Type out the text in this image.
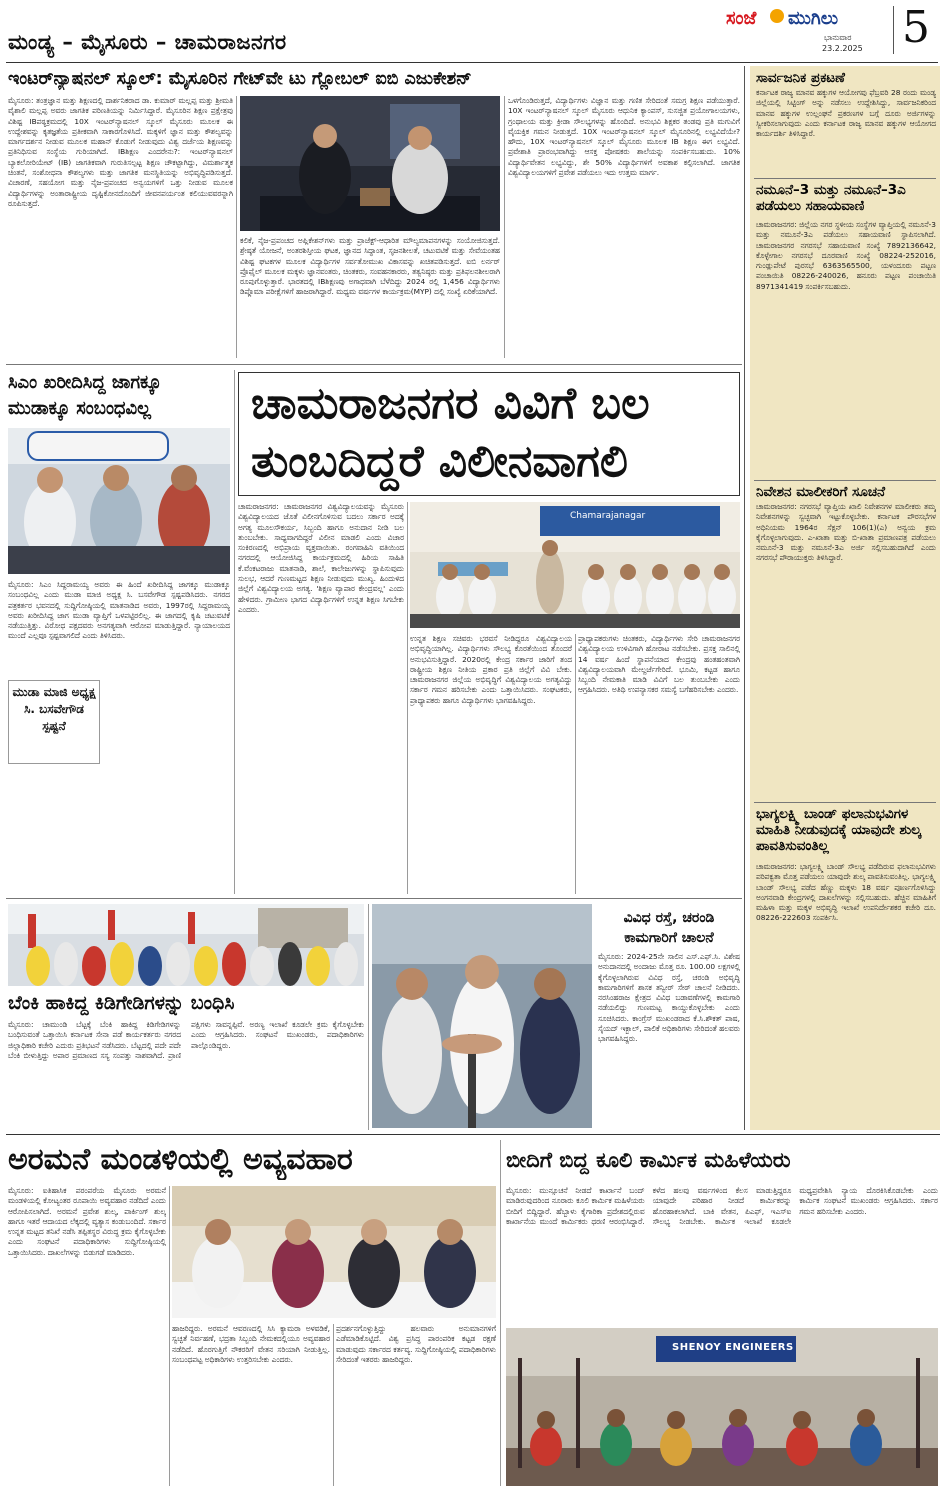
ಮಂಡ್ಯ – ಮೈಸೂರು – ಚಾಮರಾಜನಗರ
ಸಂಜೆ ಮುಗಿಲು
ಭಾನುವಾರ
23.2.2025 5
ಇಂಟರ್‌ನ್ಯಾಷನಲ್ ಸ್ಕೂಲ್: ಮೈಸೂರಿನ ಗೇಟ್‌ವೇ ಟು ಗ್ಲೋಬಲ್ ಐಬಿ ಎಜುಕೇಶನ್
ಮೈಸೂರು: ತಂತ್ರಜ್ಞಾನ ಮತ್ತು ಶಿಕ್ಷಣದಲ್ಲಿ ದಾರ್ಶನಿಕರಾದ ಡಾ. ಕುಮಾರ್ ಮಲ್ಲಪ್ಪ ಮತ್ತು ಶ್ರೀಮತಿ ವೈಶಾಲಿ ಮಲ್ಲಪ್ಪ ಅವರು ಜಾಗತಿಕ ಪರಿಣತಿಯನ್ನು ನಿರ್ಮಿಸಿದ್ದಾರೆ. ಮೈಸೂರಿನ ಶಿಕ್ಷಣ ಪ್ರಕ್ಷೇತ್ರವು ವಿಶಿಷ್ಟ IBಪಠ್ಯಕ್ರಮದಲ್ಲಿ 10X ಇಂಟರ್‌ನ್ಯಾಷನಲ್ ಸ್ಕೂಲ್ ಮೈಸೂರು ಮೂಲಕ ಈ ಉದ್ದೇಶವನ್ನು ಕೃತಜ್ಞತೆಯ ಪ್ರತೀಕವಾಗಿ ಸಾಕಾರಗೊಳಿಸಿದೆ. ಮಕ್ಕಳಿಗೆ ಜ್ಞಾನ ಮತ್ತು ಕೌಶಲ್ಯವನ್ನು ಮಾರ್ಗದರ್ಶನ ನೀಡುವ ಮೂಲಕ ಮಹಾನ್ ಕೊಡುಗೆ ನೀಡುವುದು ವಿಶ್ವ ದರ್ಜೆಯ ಶಿಕ್ಷಣವನ್ನು ಪ್ರತಿನಿಧಿಸುವ ಸಂಸ್ಥೆಯ ಗುರಿಯಾಗಿದೆ. IBಶಿಕ್ಷಣ ಎಂದರೇನು?: ಇಂಟರ್‌ನ್ಯಾಷನಲ್ ಬ್ಯಾಕಲೋರಿಯೇಟ್ (IB) ಜಾಗತಿಕವಾಗಿ ಗುರುತಿಸಲ್ಪಟ್ಟ ಶಿಕ್ಷಣ ಚೌಕಟ್ಟಾಗಿದ್ದು, ವಿಮರ್ಶಾತ್ಮಕ ಚಿಂತನೆ, ಸಂಶೋಧನಾ ಕೌಶಲ್ಯಗಳು ಮತ್ತು ಜಾಗತಿಕ ಮನಸ್ಥಿತಿಯನ್ನು ಅಭಿವೃದ್ಧಿಪಡಿಸುತ್ತದೆ. ವಿಚಾರಣೆ, ಸಹಯೋಗ ಮತ್ತು ನೈಜ-ಪ್ರಪಂಚದ ಅನ್ವಯಗಳಿಗೆ ಒತ್ತು ನೀಡುವ ಮೂಲಕ ವಿದ್ಯಾರ್ಥಿಗಳನ್ನು ಅಂತಾರಾಷ್ಟ್ರೀಯ ದೃಷ್ಟಿಕೋನದೊಂದಿಗೆ ಜೀವನಪರ್ಯಂತ ಕಲಿಯುವವರನ್ನಾಗಿ ರೂಪಿಸುತ್ತದೆ.
ಕಲಿಕೆ, ನೈಜ-ಪ್ರಪಂಚದ ಅಪ್ಲಿಕೇಶನ್‌ಗಳು ಮತ್ತು ಪ್ರಾಜೆಕ್ಟ್-ಆಧಾರಿತ ಮೌಲ್ಯಮಾಪನಗಳನ್ನು ಸಂಯೋಜಿಸುತ್ತದೆ. ಶ್ರೇಷ್ಠತೆ ಯೋಜನೆ, ಅಂತರಶಿಸ್ತೀಯ ಘಟಕ, ಜ್ಞಾನದ ಸಿದ್ಧಾಂತ, ಸೃಜನಶೀಲತೆ, ಚಟುವಟಿಕೆ ಮತ್ತು ಸೇವೆಯಂತಹ ವಿಶಿಷ್ಟ ಘಟಕಗಳ ಮೂಲಕ ವಿದ್ಯಾರ್ಥಿಗಳ ಸರ್ವತೋಮುಖ ವಿಕಾಸವನ್ನು ಖಚಿತಪಡಿಸುತ್ತದೆ. ಐಬಿ ಲರ್ನರ್ ಪ್ರೊಫೈಲ್ ಮೂಲಕ ಮಕ್ಕಳು ಜ್ಞಾನವಂತರು, ಚಿಂತಕರು, ಸಂವಹನಕಾರರು, ತತ್ವನಿಷ್ಠರು ಮತ್ತು ಪ್ರತಿಫಲನಶೀಲರಾಗಿ ರೂಪುಗೊಳ್ಳುತ್ತಾರೆ. ಭಾರತದಲ್ಲಿ IBಶಿಕ್ಷಣವು ಅಗಾಧವಾಗಿ ಬೆಳೆದಿದ್ದು 2024 ರಲ್ಲಿ 1,456 ವಿದ್ಯಾರ್ಥಿಗಳು ಡಿಪ್ಲೊಮಾ ಪರೀಕ್ಷೆಗಳಿಗೆ ಹಾಜರಾಗಿದ್ದಾರೆ. ಮಧ್ಯಮ ವರ್ಷಗಳ ಕಾರ್ಯಕ್ರಮ(MYP) ದಲ್ಲಿ ಸಂಖ್ಯೆ ಏರಿಕೆಯಾಗಿದೆ.
ಒಳಗೊಂಡಿರುತ್ತದೆ, ವಿದ್ಯಾರ್ಥಿಗಳು ವಿಜ್ಞಾನ ಮತ್ತು ಗಣಿತ ಸೇರಿದಂತೆ ಸಮಗ್ರ ಶಿಕ್ಷಣ ಪಡೆಯುತ್ತಾರೆ. 10X ಇಂಟರ್‌ನ್ಯಾಷನಲ್ ಸ್ಕೂಲ್ ಮೈಸೂರು ಆಧುನಿಕ ಕ್ಯಾಂಪಸ್, ಸುಸಜ್ಜಿತ ಪ್ರಯೋಗಾಲಯಗಳು, ಗ್ರಂಥಾಲಯ ಮತ್ತು ಕ್ರೀಡಾ ಸೌಲಭ್ಯಗಳನ್ನು ಹೊಂದಿದೆ. ಅನುಭವಿ ಶಿಕ್ಷಕರ ತಂಡವು ಪ್ರತಿ ಮಗುವಿಗೆ ವೈಯಕ್ತಿಕ ಗಮನ ನೀಡುತ್ತದೆ. 10X ಇಂಟರ್‌ನ್ಯಾಷನಲ್ ಸ್ಕೂಲ್ ಮೈಸೂರಿನಲ್ಲಿ ಲಭ್ಯವಿದೆಯೇ? ಹೌದು, 10X ಇಂಟರ್‌ನ್ಯಾಷನಲ್ ಸ್ಕೂಲ್ ಮೈಸೂರು ಮೂಲಕ IB ಶಿಕ್ಷಣ ಈಗ ಲಭ್ಯವಿದೆ. ಪ್ರವೇಶಾತಿ ಪ್ರಾರಂಭವಾಗಿದ್ದು ಆಸಕ್ತ ಪೋಷಕರು ಶಾಲೆಯನ್ನು ಸಂಪರ್ಕಿಸಬಹುದು. 10% ವಿದ್ಯಾರ್ಥಿವೇತನ ಲಭ್ಯವಿದ್ದು, ಶೇ 50% ವಿದ್ಯಾರ್ಥಿಗಳಿಗೆ ಅವಕಾಶ ಕಲ್ಪಿಸಲಾಗಿದೆ. ಜಾಗತಿಕ ವಿಶ್ವವಿದ್ಯಾಲಯಗಳಿಗೆ ಪ್ರವೇಶ ಪಡೆಯಲು ಇದು ಉತ್ತಮ ಮಾರ್ಗ.
ಸಾರ್ವಜನಿಕ ಪ್ರಕಟಣೆ
ಕರ್ನಾಟಕ ರಾಜ್ಯ ಮಾನವ ಹಕ್ಕುಗಳ ಆಯೋಗವು ಫೆಬ್ರವರಿ 28 ರಂದು ಮಂಡ್ಯ ಜಿಲ್ಲೆಯಲ್ಲಿ ಸಿಟ್ಟಿಂಗ್ ಅನ್ನು ನಡೆಸಲು ಉದ್ದೇಶಿಸಿದ್ದು, ಸಾರ್ವಜನಿಕರಿಂದ ಮಾನವ ಹಕ್ಕುಗಳ ಉಲ್ಲಂಘನೆ ಪ್ರಕರಣಗಳ ಬಗ್ಗೆ ದೂರು ಅರ್ಜಿಗಳನ್ನು ಸ್ವೀಕರಿಸಲಾಗುವುದು ಎಂದು ಕರ್ನಾಟಕ ರಾಜ್ಯ ಮಾನವ ಹಕ್ಕುಗಳ ಆಯೋಗದ ಕಾರ್ಯದರ್ಶಿ ತಿಳಿಸಿದ್ದಾರೆ.
ನಮೂನೆ–3 ಮತ್ತು ನಮೂನೆ–3ಎ ಪಡೆಯಲು ಸಹಾಯವಾಣಿ
ಚಾಮರಾಜನಗರ: ಜಿಲ್ಲೆಯ ನಗರ ಸ್ಥಳೀಯ ಸಂಸ್ಥೆಗಳ ವ್ಯಾಪ್ತಿಯಲ್ಲಿ ನಮೂನೆ-3 ಮತ್ತು ನಮೂನೆ-3ಎ ಪಡೆಯಲು ಸಹಾಯವಾಣಿ ಸ್ಥಾಪಿಸಲಾಗಿದೆ. ಚಾಮರಾಜನಗರ ನಗರಸಭೆ ಸಹಾಯವಾಣಿ ಸಂಖ್ಯೆ 7892136642, ಕೊಳ್ಳೇಗಾಲ ನಗರಸಭೆ ದೂರವಾಣಿ ಸಂಖ್ಯೆ 08224-252016, ಗುಂಡ್ಲುಪೇಟೆ ಪುರಸಭೆ 6363565500, ಯಳಂದೂರು ಪಟ್ಟಣ ಪಂಚಾಯಿತಿ 08226-240026, ಹನೂರು ಪಟ್ಟಣ ಪಂಚಾಯಿತಿ 8971341419 ಸಂಪರ್ಕಿಸಬಹುದು.
ನಿವೇಶನ ಮಾಲೀಕರಿಗೆ ಸೂಚನೆ
ಚಾಮರಾಜನಗರ: ನಗರಸಭೆ ವ್ಯಾಪ್ತಿಯ ಖಾಲಿ ನಿವೇಶನಗಳ ಮಾಲೀಕರು ತಮ್ಮ ನಿವೇಶನಗಳನ್ನು ಸ್ವಚ್ಛವಾಗಿ ಇಟ್ಟುಕೊಳ್ಳಬೇಕು. ಕರ್ನಾಟಕ ಪೌರಸಭೆಗಳ ಅಧಿನಿಯಮ 1964ರ ಸೆಕ್ಷನ್ 106(1)(ಎ) ಅನ್ವಯ ಕ್ರಮ ಕೈಗೊಳ್ಳಲಾಗುವುದು. ಎ-ಖಾತಾ ಮತ್ತು ಬಿ-ಖಾತಾ ಪ್ರಮಾಣಪತ್ರ ಪಡೆಯಲು ನಮೂನೆ-3 ಮತ್ತು ನಮೂನೆ-3ಎ ಅರ್ಜಿ ಸಲ್ಲಿಸಬಹುದಾಗಿದೆ ಎಂದು ನಗರಸಭೆ ಪೌರಾಯುಕ್ತರು ತಿಳಿಸಿದ್ದಾರೆ.
ಭಾಗ್ಯಲಕ್ಷ್ಮಿ ಬಾಂಡ್ ಫಲಾನುಭವಿಗಳ ಮಾಹಿತಿ ನೀಡುವುದಕ್ಕೆ ಯಾವುದೇ ಶುಲ್ಕ ಪಾವತಿಸುವಂತಿಲ್ಲ
ಚಾಮರಾಜನಗರ: ಭಾಗ್ಯಲಕ್ಷ್ಮಿ ಬಾಂಡ್ ಸೌಲಭ್ಯ ಪಡೆದಿರುವ ಫಲಾನುಭವಿಗಳು ಪರಿಪಕ್ವತಾ ಮೊತ್ತ ಪಡೆಯಲು ಯಾವುದೇ ಶುಲ್ಕ ಪಾವತಿಸುವಂತಿಲ್ಲ. ಭಾಗ್ಯಲಕ್ಷ್ಮಿ ಬಾಂಡ್ ಸೌಲಭ್ಯ ಪಡೆದ ಹೆಣ್ಣು ಮಕ್ಕಳು 18 ವರ್ಷ ಪೂರ್ಣಗೊಳಿಸಿದ್ದು ಅಂಗನವಾಡಿ ಕೇಂದ್ರಗಳಲ್ಲಿ ದಾಖಲೆಗಳನ್ನು ಸಲ್ಲಿಸಬಹುದು. ಹೆಚ್ಚಿನ ಮಾಹಿತಿಗೆ ಮಹಿಳಾ ಮತ್ತು ಮಕ್ಕಳ ಅಭಿವೃದ್ಧಿ ಇಲಾಖೆ ಉಪನಿರ್ದೇಶಕರ ಕಚೇರಿ ದೂ. 08226-222603 ಸಂಪರ್ಕಿಸಿ.
ಸಿಎಂ ಖರೀದಿಸಿದ್ದ ಜಾಗಕ್ಕೂ
ಮುಡಾಕ್ಕೂ ಸಂಬಂಧವಿಲ್ಲ
ಮೈಸೂರು: ಸಿಎಂ ಸಿದ್ದರಾಮಯ್ಯ ಅವರು ಈ ಹಿಂದೆ ಖರೀದಿಸಿದ್ದ ಜಾಗಕ್ಕೂ ಮುಡಾಕ್ಕೂ ಸಂಬಂಧವಿಲ್ಲ ಎಂದು ಮುಡಾ ಮಾಜಿ ಅಧ್ಯಕ್ಷ ಸಿ. ಬಸವೇಗೌಡ ಸ್ಪಷ್ಟಪಡಿಸಿದರು. ನಗರದ ಪತ್ರಕರ್ತರ ಭವನದಲ್ಲಿ ಸುದ್ದಿಗೋಷ್ಠಿಯಲ್ಲಿ ಮಾತನಾಡಿದ ಅವರು, 1997ರಲ್ಲಿ ಸಿದ್ದರಾಮಯ್ಯ ಅವರು ಖರೀದಿಸಿದ್ದ ಜಾಗ ಮುಡಾ ವ್ಯಾಪ್ತಿಗೆ ಒಳಪಟ್ಟಿರಲಿಲ್ಲ. ಈ ಜಾಗದಲ್ಲಿ ಕೃಷಿ ಚಟುವಟಿಕೆ ನಡೆಯುತ್ತಿತ್ತು. ವಿರೋಧ ಪಕ್ಷದವರು ಅನಗತ್ಯವಾಗಿ ಆರೋಪ ಮಾಡುತ್ತಿದ್ದಾರೆ. ನ್ಯಾಯಾಲಯದ ಮುಂದೆ ಎಲ್ಲವೂ ಸ್ಪಷ್ಟವಾಗಲಿದೆ ಎಂದು ತಿಳಿಸಿದರು.
ಮುಡಾ ಮಾಜಿ ಅಧ್ಯಕ್ಷ ಸಿ. ಬಸವೇಗೌಡ ಸ್ಪಷ್ಟನೆ
ಚಾಮರಾಜನಗರ ವಿವಿಗೆ ಬಲ
ತುಂಬದಿದ್ದರೆ ವಿಲೀನವಾಗಲಿ
ಚಾಮರಾಜನಗರ: ಚಾಮರಾಜನಗರ ವಿಶ್ವವಿದ್ಯಾಲಯವನ್ನು ಮೈಸೂರು ವಿಶ್ವವಿದ್ಯಾಲಯದ ಜೊತೆ ವಿಲೀನಗೊಳಿಸುವ ಬದಲು ಸರ್ಕಾರ ಅದಕ್ಕೆ ಅಗತ್ಯ ಮೂಲಸೌಕರ್ಯ, ಸಿಬ್ಬಂದಿ ಹಾಗೂ ಅನುದಾನ ನೀಡಿ ಬಲ ತುಂಬಬೇಕು. ಸಾಧ್ಯವಾಗದಿದ್ದರೆ ವಿಲೀನ ಮಾಡಲಿ ಎಂದು ವಿಚಾರ ಸಂಕಿರಣದಲ್ಲಿ ಅಭಿಪ್ರಾಯ ವ್ಯಕ್ತವಾಯಿತು. ರಂಗವಾಹಿನಿ ವತಿಯಿಂದ ನಗರದಲ್ಲಿ ಆಯೋಜಿಸಿದ್ದ ಕಾರ್ಯಕ್ರಮದಲ್ಲಿ ಹಿರಿಯ ಸಾಹಿತಿ ಕೆ.ವೆಂಕಟರಾಜು ಮಾತನಾಡಿ, ಶಾಲೆ, ಕಾಲೇಜುಗಳನ್ನು ಸ್ಥಾಪಿಸುವುದು ಸುಲಭ, ಆದರೆ ಗುಣಮಟ್ಟದ ಶಿಕ್ಷಣ ನೀಡುವುದು ಮುಖ್ಯ. ಹಿಂದುಳಿದ ಜಿಲ್ಲೆಗೆ ವಿಶ್ವವಿದ್ಯಾಲಯ ಅಗತ್ಯ. 'ಶಿಕ್ಷಣ ವ್ಯಾಪಾರ ಕೇಂದ್ರವಲ್ಲ' ಎಂದು ಹೇಳಿದರು. ಗ್ರಾಮೀಣ ಭಾಗದ ವಿದ್ಯಾರ್ಥಿಗಳಿಗೆ ಉನ್ನತ ಶಿಕ್ಷಣ ಸಿಗಬೇಕು ಎಂದರು.
Chamarajanagar
ಉನ್ನತ ಶಿಕ್ಷಣ ಸಚಿವರು ಭರವಸೆ ನೀಡಿದ್ದರೂ ವಿಶ್ವವಿದ್ಯಾಲಯ ಅಭಿವೃದ್ಧಿಯಾಗಿಲ್ಲ. ವಿದ್ಯಾರ್ಥಿಗಳು ಸೌಲಭ್ಯ ಕೊರತೆಯಿಂದ ತೊಂದರೆ ಅನುಭವಿಸುತ್ತಿದ್ದಾರೆ. 2020ರಲ್ಲಿ ಕೇಂದ್ರ ಸರ್ಕಾರ ಜಾರಿಗೆ ತಂದ ರಾಷ್ಟ್ರೀಯ ಶಿಕ್ಷಣ ನೀತಿಯ ಪ್ರಕಾರ ಪ್ರತಿ ಜಿಲ್ಲೆಗೆ ವಿವಿ ಬೇಕು. ಚಾಮರಾಜನಗರ ಜಿಲ್ಲೆಯ ಅಭಿವೃದ್ಧಿಗೆ ವಿಶ್ವವಿದ್ಯಾಲಯ ಅಗತ್ಯವಿದ್ದು ಸರ್ಕಾರ ಗಮನ ಹರಿಸಬೇಕು ಎಂದು ಒತ್ತಾಯಿಸಿದರು. ಸಂಘಟಕರು, ಪ್ರಾಧ್ಯಾಪಕರು ಹಾಗೂ ವಿದ್ಯಾರ್ಥಿಗಳು ಭಾಗವಹಿಸಿದ್ದರು.
ಪ್ರಾಧ್ಯಾಪಕರುಗಳು ಚಿಂತಕರು, ವಿದ್ಯಾರ್ಥಿಗಳು ಸೇರಿ ಚಾಮರಾಜನಗರ ವಿಶ್ವವಿದ್ಯಾಲಯ ಉಳಿವಿಗಾಗಿ ಹೋರಾಟ ನಡೆಸಬೇಕು. ಪ್ರಸಕ್ತ ಸಾಲಿನಲ್ಲಿ 14 ವರ್ಷ ಹಿಂದೆ ಸ್ಥಾಪನೆಯಾದ ಕೇಂದ್ರವು ಹಂತಹಂತವಾಗಿ ವಿಶ್ವವಿದ್ಯಾಲಯವಾಗಿ ಮೇಲ್ದರ್ಜೆಗೇರಿದೆ. ಭೂಮಿ, ಕಟ್ಟಡ ಹಾಗೂ ಸಿಬ್ಬಂದಿ ನೇಮಕಾತಿ ಮಾಡಿ ವಿವಿಗೆ ಬಲ ತುಂಬಬೇಕು ಎಂದು ಆಗ್ರಹಿಸಿದರು. ಅತಿಥಿ ಉಪನ್ಯಾಸಕರ ಸಮಸ್ಯೆ ಬಗೆಹರಿಸಬೇಕು ಎಂದರು.
ಬೆಂಕಿ ಹಾಕಿದ್ದ ಕಿಡಿಗೇಡಿಗಳನ್ನು ಬಂಧಿಸಿ
ಮೈಸೂರು: ಚಾಮುಂಡಿ ಬೆಟ್ಟಕ್ಕೆ ಬೆಂಕಿ ಹಾಕಿದ್ದ ಕಿಡಿಗೇಡಿಗಳನ್ನು ಬಂಧಿಸುವಂತೆ ಒತ್ತಾಯಿಸಿ ಕರ್ನಾಟಕ ಸೇನಾ ಪಡೆ ಕಾರ್ಯಕರ್ತರು ನಗರದ ಜಿಲ್ಲಾಧಿಕಾರಿ ಕಚೇರಿ ಎದುರು ಪ್ರತಿಭಟನೆ ನಡೆಸಿದರು. ಬೆಟ್ಟದಲ್ಲಿ ಪದೇ ಪದೇ ಬೆಂಕಿ ಬೀಳುತ್ತಿದ್ದು ಅಪಾರ ಪ್ರಮಾಣದ ಸಸ್ಯ ಸಂಪತ್ತು ನಾಶವಾಗಿದೆ. ಪ್ರಾಣಿ ಪಕ್ಷಿಗಳು ಸಾವನ್ನಪ್ಪಿವೆ. ಅರಣ್ಯ ಇಲಾಖೆ ಕೂಡಲೇ ಕ್ರಮ ಕೈಗೊಳ್ಳಬೇಕು ಎಂದು ಆಗ್ರಹಿಸಿದರು. ಸಂಘಟನೆ ಮುಖಂಡರು, ಪದಾಧಿಕಾರಿಗಳು ಪಾಲ್ಗೊಂಡಿದ್ದರು.
ವಿವಿಧ ರಸ್ತೆ, ಚರಂಡಿ
ಕಾಮಗಾರಿಗೆ ಚಾಲನೆ
ಮೈಸೂರು: 2024-25ನೇ ಸಾಲಿನ ಎಸ್.ಎಫ್.ಸಿ. ವಿಶೇಷ ಅನುದಾನದಲ್ಲಿ ಅಂದಾಜು ಮೊತ್ತ ರೂ. 100.00 ಲಕ್ಷಗಳಲ್ಲಿ ಕೈಗೊಳ್ಳಲಾಗಿರುವ ವಿವಿಧ ರಸ್ತೆ, ಚರಂಡಿ ಅಭಿವೃದ್ಧಿ ಕಾಮಗಾರಿಗಳಿಗೆ ಶಾಸಕ ತನ್ವೀರ್ ಸೇಠ್ ಚಾಲನೆ ನೀಡಿದರು. ನರಸಿಂಹರಾಜ ಕ್ಷೇತ್ರದ ವಿವಿಧ ಬಡಾವಣೆಗಳಲ್ಲಿ ಕಾಮಗಾರಿ ನಡೆಯಲಿದ್ದು ಗುಣಮಟ್ಟ ಕಾಯ್ದುಕೊಳ್ಳಬೇಕು ಎಂದು ಸೂಚಿಸಿದರು. ಕಾಂಗ್ರೆಸ್ ಮುಖಂಡರಾದ ಕೆ.ಸಿ.ಶೌಕತ್ ಪಾಷ, ಸೈಯದ್ ಇಕ್ಬಾಲ್, ಪಾಲಿಕೆ ಅಧಿಕಾರಿಗಳು ಸೇರಿದಂತೆ ಹಲವರು ಭಾಗವಹಿಸಿದ್ದರು.
ಅರಮನೆ ಮಂಡಳಿಯಲ್ಲಿ ಅವ್ಯವಹಾರ
ಮೈಸೂರು: ಐತಿಹಾಸಿಕ ಪರಂಪರೆಯ ಮೈಸೂರು ಅರಮನೆ ಮಂಡಳಿಯಲ್ಲಿ ಕೋಟ್ಯಂತರ ರೂಪಾಯಿ ಅವ್ಯವಹಾರ ನಡೆದಿದೆ ಎಂದು ಆರೋಪಿಸಲಾಗಿದೆ. ಅರಮನೆ ಪ್ರವೇಶ ಶುಲ್ಕ, ಪಾರ್ಕಿಂಗ್ ಶುಲ್ಕ ಹಾಗೂ ಇತರೆ ಆದಾಯದ ಲೆಕ್ಕದಲ್ಲಿ ವ್ಯತ್ಯಾಸ ಕಂಡುಬಂದಿದೆ. ಸರ್ಕಾರ ಉನ್ನತ ಮಟ್ಟದ ತನಿಖೆ ನಡೆಸಿ ತಪ್ಪಿತಸ್ಥರ ವಿರುದ್ಧ ಕ್ರಮ ಕೈಗೊಳ್ಳಬೇಕು ಎಂದು ಸಂಘಟನೆ ಪದಾಧಿಕಾರಿಗಳು ಸುದ್ದಿಗೋಷ್ಠಿಯಲ್ಲಿ ಒತ್ತಾಯಿಸಿದರು. ದಾಖಲೆಗಳನ್ನು ಬಿಡುಗಡೆ ಮಾಡಿದರು.
ಹಾಜರಿದ್ದರು. ಅರಮನೆ ಆವರಣದಲ್ಲಿ ಸಿಸಿ ಕ್ಯಾಮರಾ ಅಳವಡಿಕೆ, ಸ್ವಚ್ಛತೆ ನಿರ್ವಹಣೆ, ಭದ್ರತಾ ಸಿಬ್ಬಂದಿ ನೇಮಕದಲ್ಲಿಯೂ ಅವ್ಯವಹಾರ ನಡೆದಿದೆ. ಹೊರಗುತ್ತಿಗೆ ನೌಕರರಿಗೆ ವೇತನ ಸರಿಯಾಗಿ ನೀಡುತ್ತಿಲ್ಲ. ಸಂಬಂಧಪಟ್ಟ ಅಧಿಕಾರಿಗಳು ಉತ್ತರಿಸಬೇಕು ಎಂದರು.
ಪ್ರದರ್ಶನಗೊಳ್ಳುತ್ತಿದ್ದು ಹಲವಾರು ಅನುಮಾನಗಳಿಗೆ ಎಡೆಮಾಡಿಕೊಟ್ಟಿದೆ. ವಿಶ್ವ ಪ್ರಸಿದ್ಧ ಪಾರಂಪರಿಕ ಕಟ್ಟಡ ರಕ್ಷಣೆ ಮಾಡುವುದು ಸರ್ಕಾರದ ಕರ್ತವ್ಯ. ಸುದ್ದಿಗೋಷ್ಠಿಯಲ್ಲಿ ಪದಾಧಿಕಾರಿಗಳು ಸೇರಿದಂತೆ ಇತರರು ಹಾಜರಿದ್ದರು.
ಬೀದಿಗೆ ಬಿದ್ದ ಕೂಲಿ ಕಾರ್ಮಿಕ ಮಹಿಳೆಯರು
ಮೈಸೂರು: ಮುನ್ಸೂಚನೆ ನೀಡದೆ ಕಾರ್ಖಾನೆ ಬಂದ್ ಮಾಡಿರುವುದರಿಂದ ನೂರಾರು ಕೂಲಿ ಕಾರ್ಮಿಕ ಮಹಿಳೆಯರು ಬೀದಿಗೆ ಬಿದ್ದಿದ್ದಾರೆ. ಹೆಬ್ಬಾಳು ಕೈಗಾರಿಕಾ ಪ್ರದೇಶದಲ್ಲಿರುವ ಕಾರ್ಖಾನೆಯ ಮುಂದೆ ಕಾರ್ಮಿಕರು ಧರಣಿ ಆರಂಭಿಸಿದ್ದಾರೆ. ಕಳೆದ ಹಲವು ವರ್ಷಗಳಿಂದ ಕೆಲಸ ಮಾಡುತ್ತಿದ್ದರೂ ಯಾವುದೇ ಪರಿಹಾರ ನೀಡದೆ ಕಾರ್ಮಿಕರನ್ನು ಹೊರಹಾಕಲಾಗಿದೆ. ಬಾಕಿ ವೇತನ, ಪಿಎಫ್, ಇಎಸ್‌ಐ ಸೌಲಭ್ಯ ನೀಡಬೇಕು. ಕಾರ್ಮಿಕ ಇಲಾಖೆ ಕೂಡಲೇ ಮಧ್ಯಪ್ರವೇಶಿಸಿ ನ್ಯಾಯ ದೊರಕಿಸಿಕೊಡಬೇಕು ಎಂದು ಕಾರ್ಮಿಕ ಸಂಘಟನೆ ಮುಖಂಡರು ಆಗ್ರಹಿಸಿದರು. ಸರ್ಕಾರ ಗಮನ ಹರಿಸಬೇಕು ಎಂದರು.
SHENOY ENGINEERS
